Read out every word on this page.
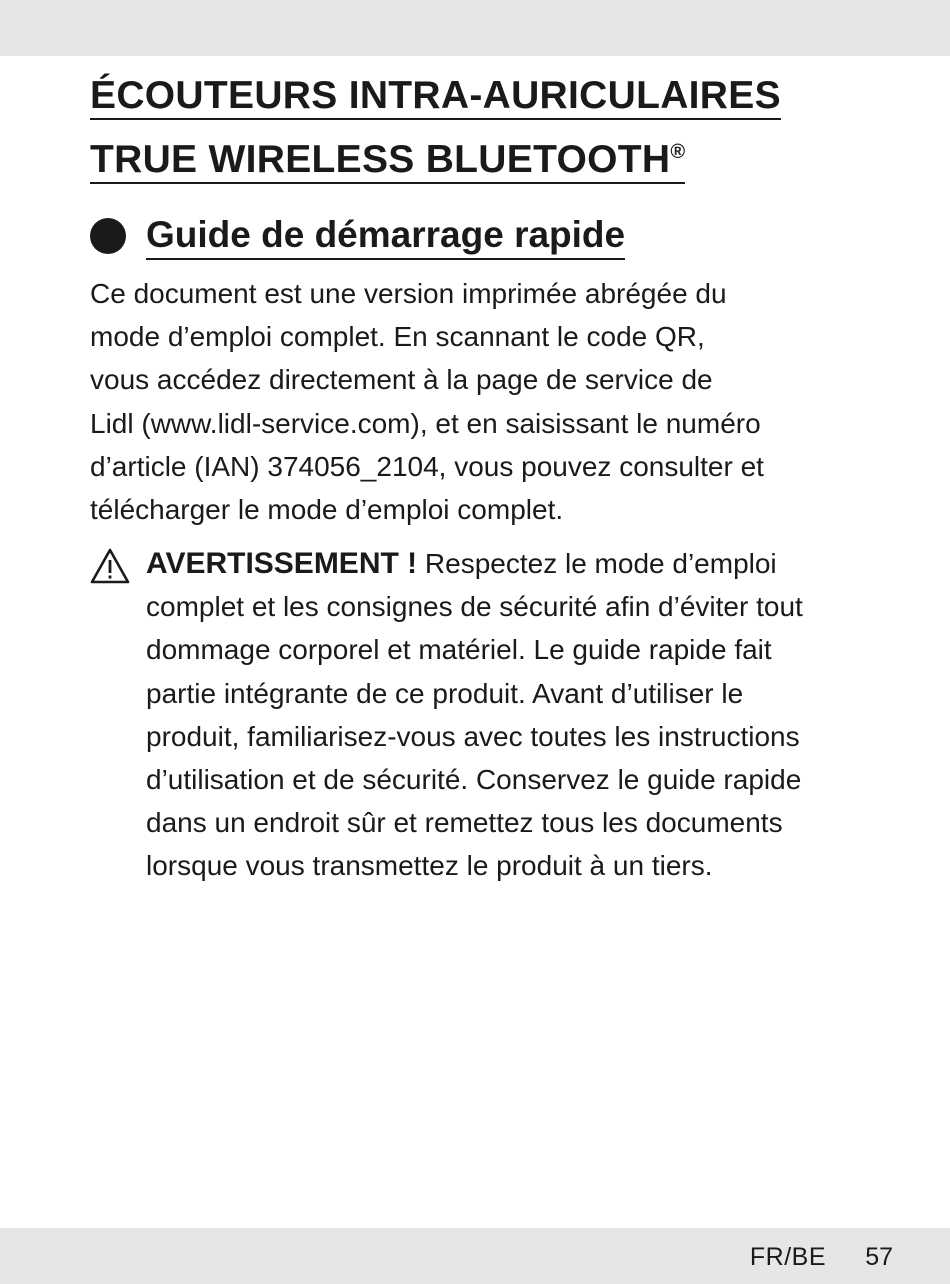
ÉCOUTEURS INTRA-AURICULAIRES
TRUE WIRELESS BLUETOOTH®
Guide de démarrage rapide

Ce document est une version imprimée abrégée du
mode d’emploi complet. En scannant le code QR,
vous accédez directement à la page de service de
Lidl (www.lidl-service.com), et en saisissant le numéro
d’article (IAN) 374056_2104, vous pouvez consulter et
télécharger le mode d’emploi complet.

AVERTISSEMENT ! Respectez le mode d’emploi
complet et les consignes de sécurité afin d’éviter tout
dommage corporel et matériel. Le guide rapide fait
partie intégrante de ce produit. Avant d’utiliser le
produit, familiarisez-vous avec toutes les instructions
d’utilisation et de sécurité. Conservez le guide rapide
dans un endroit sûr et remettez tous les documents
lorsque vous transmettez le produit à un tiers.
FR/BE 57
